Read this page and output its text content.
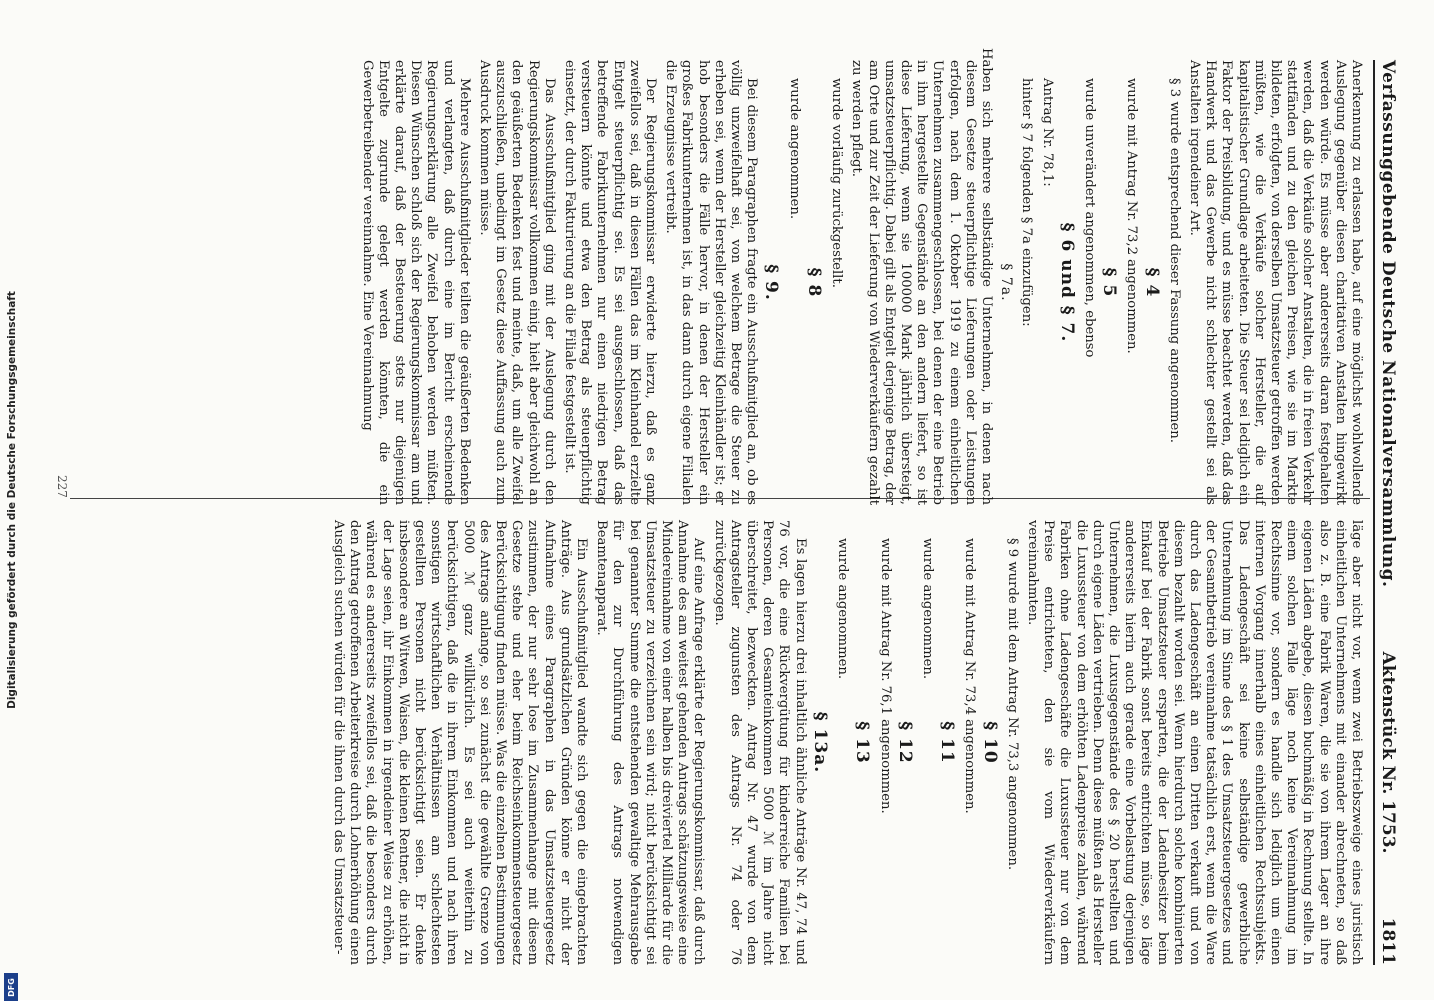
Verfassunggebende Deutsche Nationalversammlung.
Aktenstück Nr. 1753.
1811

Anerkennung zu erlassen habe, auf eine möglichst wohlwollende Auslegung gegenüber diesen charitativen Anstalten hingewirkt werden würde. Es müsse aber andererseits daran festgehalten werden, daß die Verkäufe solcher Anstalten, die in freien Verkehr stattfänden und zu den gleichen Preisen, wie sie im Markte bildeten, erfolgten, von derselben Umsatzsteuer getroffen werden müßten, wie die Verkäufe solcher Hersteller, die auf kapitalistischer Grundlage arbeiteten. Die Steuer sei lediglich ein Faktor der Preisbildung, und es müsse beachtet werden, daß das Handwerk und das Gewerbe nicht schlechter gestellt sei als Anstalten irgendeiner Art.

§ 3 wurde entsprechend dieser Fassung angenommen.

§ 4

wurde mit Antrag Nr. 73,2 angenommen.

§ 5

wurde unverändert angenommen, ebenso

§ 6 und § 7.

Antrag Nr. 78,1:

hinter § 7 folgenden § 7a einzufügen:

§ 7a.

Haben sich mehrere selbständige Unternehmen, in denen nach diesem Gesetze steuerpflichtige Lieferungen oder Leistungen erfolgen, nach dem 1. Oktober 1919 zu einem einheitlichen Unternehmen zusammengeschlossen, bei denen der eine Betrieb in ihm hergestellte Gegenstände an den andern liefert, so ist diese Lieferung, wenn sie 100000 Mark jährlich übersteigt, umsatzsteuerpflichtig. Dabei gilt als Entgelt derjenige Betrag, der am Orte und zur Zeit der Lieferung von Wiederverkäufern gezahlt zu werden pflegt.

wurde vorläufig zurückgestellt.

§ 8

wurde angenommen.

§ 9.

Bei diesem Paragraphen fragte ein Ausschußmitglied an, ob es völlig unzweifelhaft sei, von welchem Betrage die Steuer zu erheben sei, wenn der Hersteller gleichzeitig Kleinhändler ist; er hob besonders die Fälle hervor, in denen der Hersteller ein großes Fabrikunternehmen ist, in das dann durch eigene Filialen die Erzeugnisse vertreibt.

Der Regierungskommissar erwiderte hierzu, daß es ganz zweifellos sei, daß in diesen Fällen das im Kleinhandel erzielte Entgelt steuerpflichtig sei. Es sei ausgeschlossen, daß das betreffende Fabrikunternehmen nur einen niedrigen Betrag versteuern könnte und etwa den Betrag als steuerpflichtig einsetzt, der durch Fakturierung an die Filiale festgestellt ist.

Das Ausschußmitglied ging mit der Auslegung durch den Regierungskommissar vollkommen einig, hielt aber gleichwohl an den geäußerten Bedenken fest und meinte, daß, um alle Zweifel auszuschließen, unbedingt im Gesetz diese Auffassung auch zum Ausdruck kommen müsse.

Mehrere Ausschußmitglieder teilten die geäußerten Bedenken und verlangten, daß durch eine im Bericht erscheinende Regierungserklärung alle Zweifel behoben werden müßten. Diesen Wünschen schloß sich der Regierungskommissar am und erklärte darauf, daß der Besteuerung stets nur diejenigen Entgelte zugrunde gelegt werden könnten, die ein Gewerbetreibender vereinnahme. Eine Vereinnahmung

läge aber nicht vor, wenn zwei Betriebszweige eines juristisch einheitlichen Unternehmens mit einander abrechneten, so daß also z. B. eine Fabrik Waren, die sie von ihrem Lager an ihre eigenen Läden abgebe, diesen buchmäßig in Rechnung stellte. In einem solchen Falle läge noch keine Vereinnahmung im Rechtssinne vor, sondern es handle sich lediglich um einen internen Vorgang innerhalb eines einheitlichen Rechtssubjekts. Das Ladengeschäft sei keine selbständige gewerbliche Unternehmung im Sinne des § 1 des Umsatzsteuergesetzes und der Gesamtbetrieb vereinnahme tatsächlich erst, wenn die Ware durch das Ladengeschäft an einen Dritten verkauft und von diesem bezahlt worden sei. Wenn hierdurch solche kombinierten Betriebe Umsatzsteuer ersparten, die der Ladenbesitzer beim Einkauf bei der Fabrik sonst bereits entrichten müsse, so läge andererseits hierin auch gerade eine Vorbelastung derjenigen Unternehmen, die Luxusgegenstände des § 20 herstellten und durch eigene Läden vertrieben. Denn diese müßten als Hersteller die Luxussteuer von dem erhöhten Ladenpreise zahlen, während Fabriken ohne Ladengeschäfte die Luxussteuer nur von dem Preise entrichteten, den sie vom Wiederverkäufern vereinnahmten.

§ 9 wurde mit dem Antrag Nr. 73,3 angenommen.

§ 10

wurde mit Antrag Nr. 73,4 angenommen.

§ 11

wurde angenommen.

§ 12

wurde mit Antrag Nr. 76,1 angenommen.

§ 13

wurde angenommen.

§ 13a.

Es lagen hierzu drei inhaltlich ähnliche Anträge Nr. 47, 74 und 76 vor, die eine Rückvergütung für kinderreiche Familien bei Personen, deren Gesamteinkommen 5000 ℳ im Jahre nicht überschreitet, bezweckten. Antrag Nr. 47 wurde von dem Antragsteller zugunsten des Antrags Nr. 74 oder 76 zurückgezogen.

Auf eine Anfrage erklärte der Regierungskommissar, daß durch Annahme des am weitest gehenden Antrags schätzungsweise eine Mindereinnahme von einer halben bis dreiviertel Milliarde für die Umsatzsteuer zu verzeichnen sein wird; nicht berücksichtigt sei bei genannter Summe die entstehenden gewaltige Mehrausgabe für den zur Durchführung des Antrags notwendigen Beamtenapparat.

Ein Ausschußmitglied wandte sich gegen die eingebrachten Anträge. Aus grundsätzlichen Gründen könne er nicht der Aufnahme eines Paragraphen in das Umsatzsteuergesetz zustimmen, der nur sehr lose im Zusammenhange mit diesem Gesetze stehe und eher beim Reichseinkommensteuergesetz Berücksichtigung finden müsse. Was die einzelnen Bestimmungen des Antrags anlange, so sei zunächst die gewählte Grenze von 5000 ℳ ganz willkürlich. Es sei auch weiterhin zu berücksichtigen, daß die in ihrem Einkommen und nach ihren sonstigen wirtschaftlichen Verhältnissen am schlechtesten gestellten Personen nicht berücksichtigt seien. Er denke insbesondere an Witwen, Waisen, die kleinen Rentner, die nicht in der Lage seien, ihr Einkommen in irgendeiner Weise zu erhöhen, während es andererseits zweifellos sei, daß die besonders durch den Antrag getroffenen Arbeiterkreise durch Lohnerhöhung einen Ausgleich suchen würden für die ihnen durch das Umsatzsteuer-

227
Digitalisierung gefördert durch die Deutsche Forschungsgemeinschaft
DFG
